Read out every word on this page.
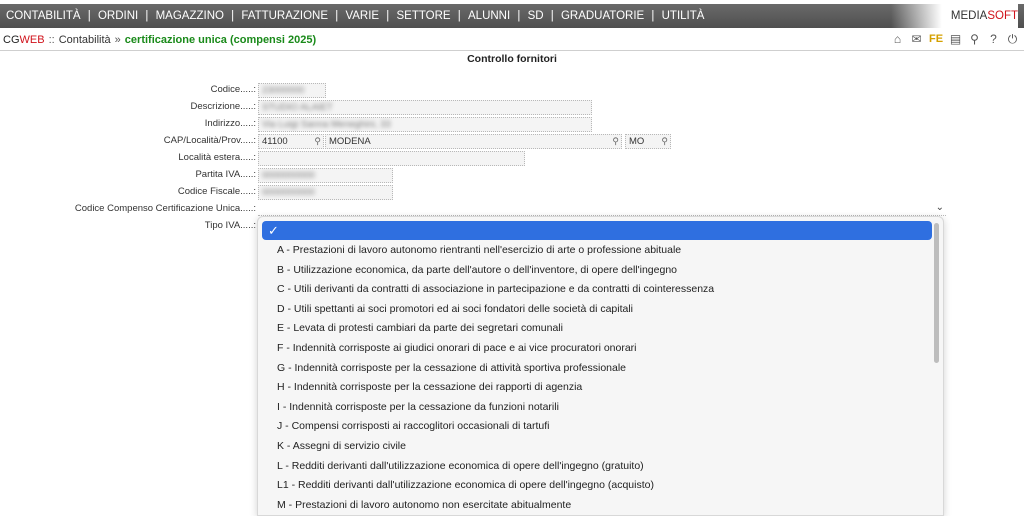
CONTABILITÀ | ORDINI | MAGAZZINO | FATTURAZIONE | VARIE | SETTORE | ALUNNI | SD | GRADUATORIE | UTILITÀ	MEDIA SOFT
CG WEB :: Contabilità » certificazione unica (compensi 2025)	⌂ ✉ FE ▤ ⚲ ? ⏻
Controllo fornitori
Codice.....: 23000000
Descrizione.....: STUDIO ALAIET
Indirizzo.....: Via Luigi Sanna Meneghini, 33
CAP/Località/Prov.....: 41100	⚲ MODENA	⚲	MO ⚲
Località estera.....:
Partita IVA.....: 0000000000
Codice Fiscale.....: 0000000000
Codice Compenso Certificazione Unica.....:	⌄
Tipo IVA.....: ✓
A - Prestazioni di lavoro autonomo rientranti nell'esercizio di arte o professione abituale
B - Utilizzazione economica, da parte dell'autore o dell'inventore, di opere dell'ingegno
C - Utili derivanti da contratti di associazione in partecipazione e da contratti di cointeressenza
D - Utili spettanti ai soci promotori ed ai soci fondatori delle società di capitali
E - Levata di protesti cambiari da parte dei segretari comunali
F - Indennità corrisposte ai giudici onorari di pace e ai vice procuratori onorari
G - Indennità corrisposte per la cessazione di attività sportiva professionale
H - Indennità corrisposte per la cessazione dei rapporti di agenzia
I - Indennità corrisposte per la cessazione da funzioni notarili
J - Compensi corrisposti ai raccoglitori occasionali di tartufi
K - Assegni di servizio civile
L - Redditi derivanti dall'utilizzazione economica di opere dell'ingegno (gratuito)
L1 - Redditi derivanti dall'utilizzazione economica di opere dell'ingegno (acquisto)
M - Prestazioni di lavoro autonomo non esercitate abitualmente
